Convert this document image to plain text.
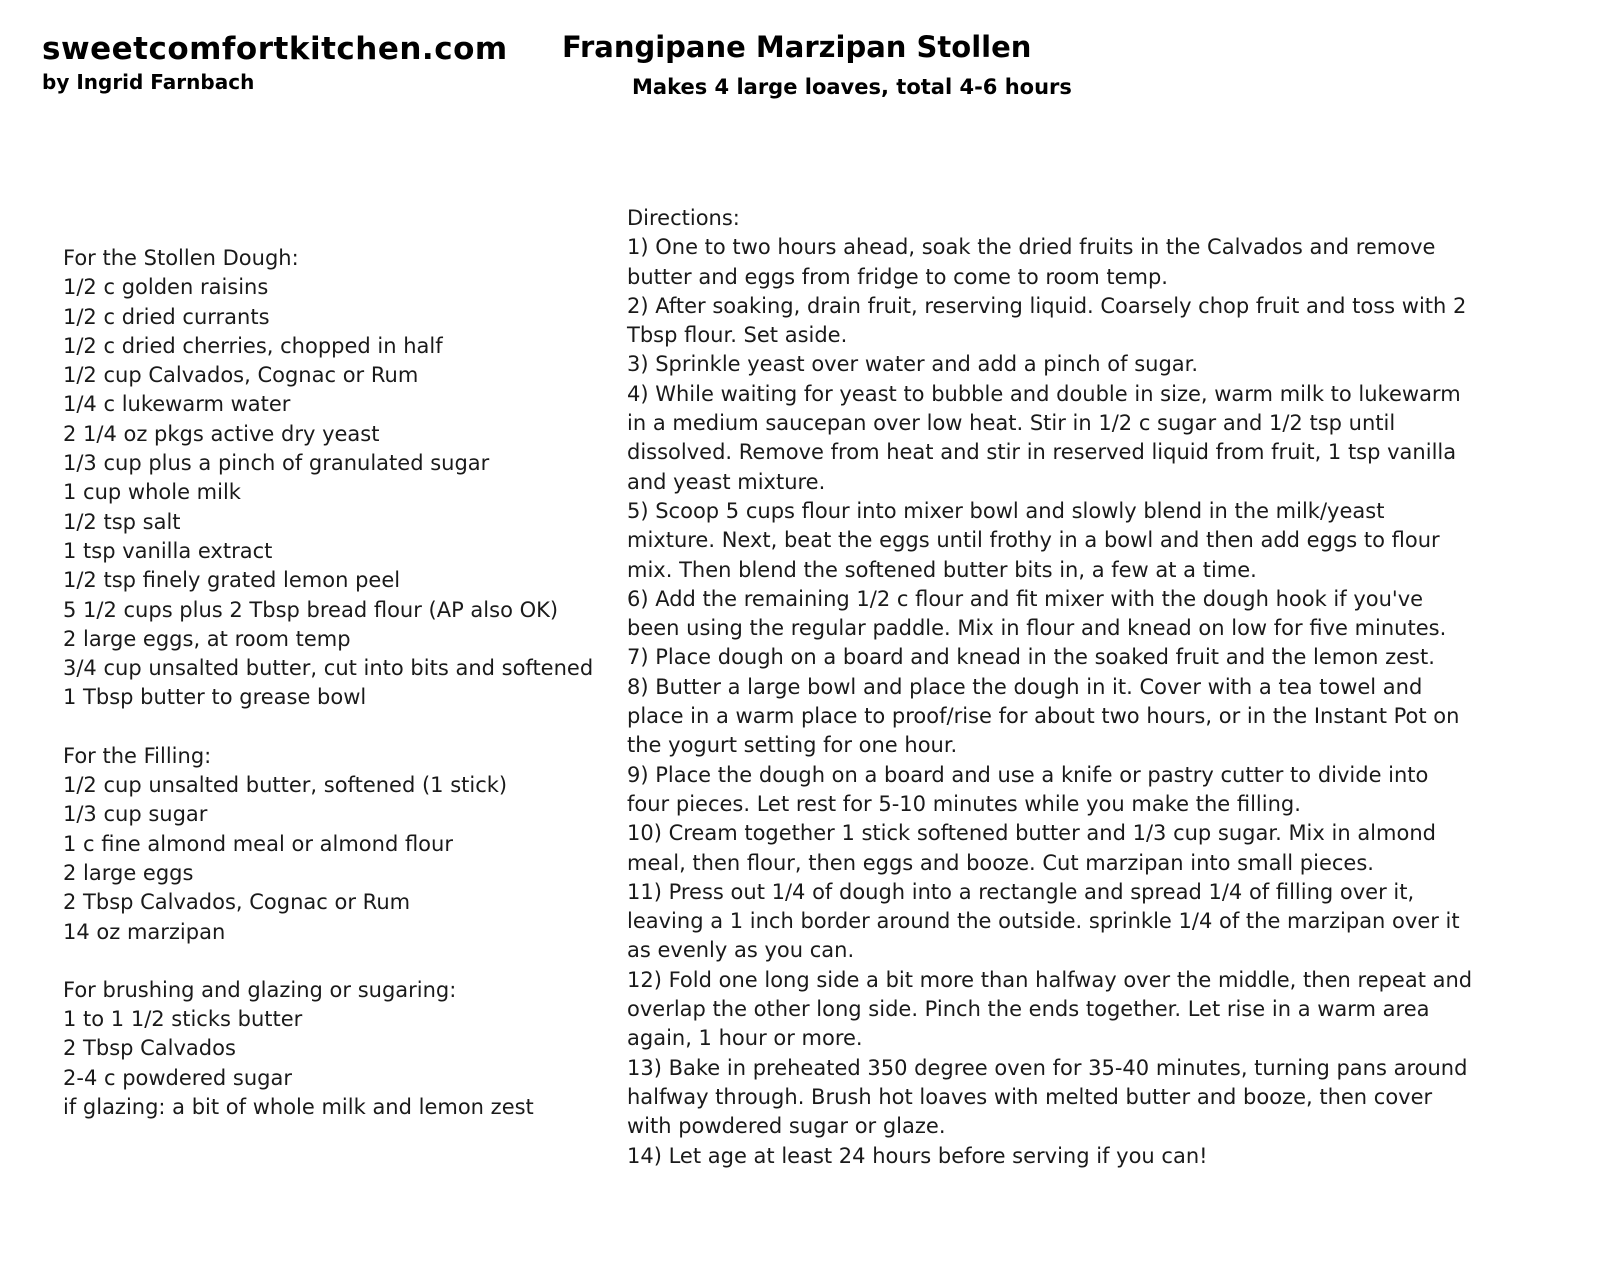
sweetcomfortkitchen.com
by Ingrid Farnbach
Frangipane Marzipan Stollen
Makes 4 large loaves, total 4-6 hours
For the Stollen Dough:
1/2 c golden raisins
1/2 c dried currants
1/2 c dried cherries, chopped in half
1/2 cup Calvados, Cognac or Rum
1/4 c lukewarm water
2 1/4 oz pkgs active dry yeast
1/3 cup plus a pinch of granulated sugar
1 cup whole milk
1/2 tsp salt
1 tsp vanilla extract
1/2 tsp finely grated lemon peel
5 1/2 cups plus 2 Tbsp bread flour (AP also OK)
2 large eggs, at room temp
3/4 cup unsalted butter, cut into bits and softened
1 Tbsp butter to grease bowl
For the Filling:
1/2 cup unsalted butter, softened (1 stick)
1/3 cup sugar
1 c fine almond meal or almond flour
2 large eggs
2 Tbsp Calvados, Cognac or Rum
14 oz marzipan
For brushing and glazing or sugaring:
1 to 1 1/2 sticks butter
2 Tbsp Calvados
2-4 c powdered sugar
if glazing: a bit of whole milk and lemon zest
Directions:
1) One to two hours ahead, soak the dried fruits in the Calvados and remove butter and eggs from fridge to come to room temp.
2) After soaking, drain fruit, reserving liquid. Coarsely chop fruit and toss with 2 Tbsp flour. Set aside.
3) Sprinkle yeast over water and add a pinch of sugar.
4) While waiting for yeast to bubble and double in size, warm milk to lukewarm in a medium saucepan over low heat. Stir in 1/2 c sugar and 1/2 tsp until dissolved. Remove from heat and stir in reserved liquid from fruit, 1 tsp vanilla and yeast mixture.
5) Scoop 5 cups flour into mixer bowl and slowly blend in the milk/yeast mixture. Next, beat the eggs until frothy in a bowl and then add eggs to flour mix. Then blend the softened butter bits in, a few at a time.
6) Add the remaining 1/2 c flour and fit mixer with the dough hook if you've been using the regular paddle. Mix in flour and knead on low for five minutes.
7) Place dough on a board and knead in the soaked fruit and the lemon zest.
8) Butter a large bowl and place the dough in it. Cover with a tea towel and place in a warm place to proof/rise for about two hours, or in the Instant Pot on the yogurt setting for one hour.
9) Place the dough on a board and use a knife or pastry cutter to divide into four pieces. Let rest for 5-10 minutes while you make the filling.
10) Cream together 1 stick softened butter and 1/3 cup sugar. Mix in almond meal, then flour, then eggs and booze. Cut marzipan into small pieces.
11) Press out 1/4 of dough into a rectangle and spread 1/4 of filling over it, leaving a 1 inch border around the outside. sprinkle 1/4 of the marzipan over it as evenly as you can.
12) Fold one long side a bit more than halfway over the middle, then repeat and overlap the other long side. Pinch the ends together. Let rise in a warm area again, 1 hour or more.
13) Bake in preheated 350 degree oven for 35-40 minutes, turning pans around halfway through. Brush hot loaves with melted butter and booze, then cover with powdered sugar or glaze.
14) Let age at least 24 hours before serving if you can!
